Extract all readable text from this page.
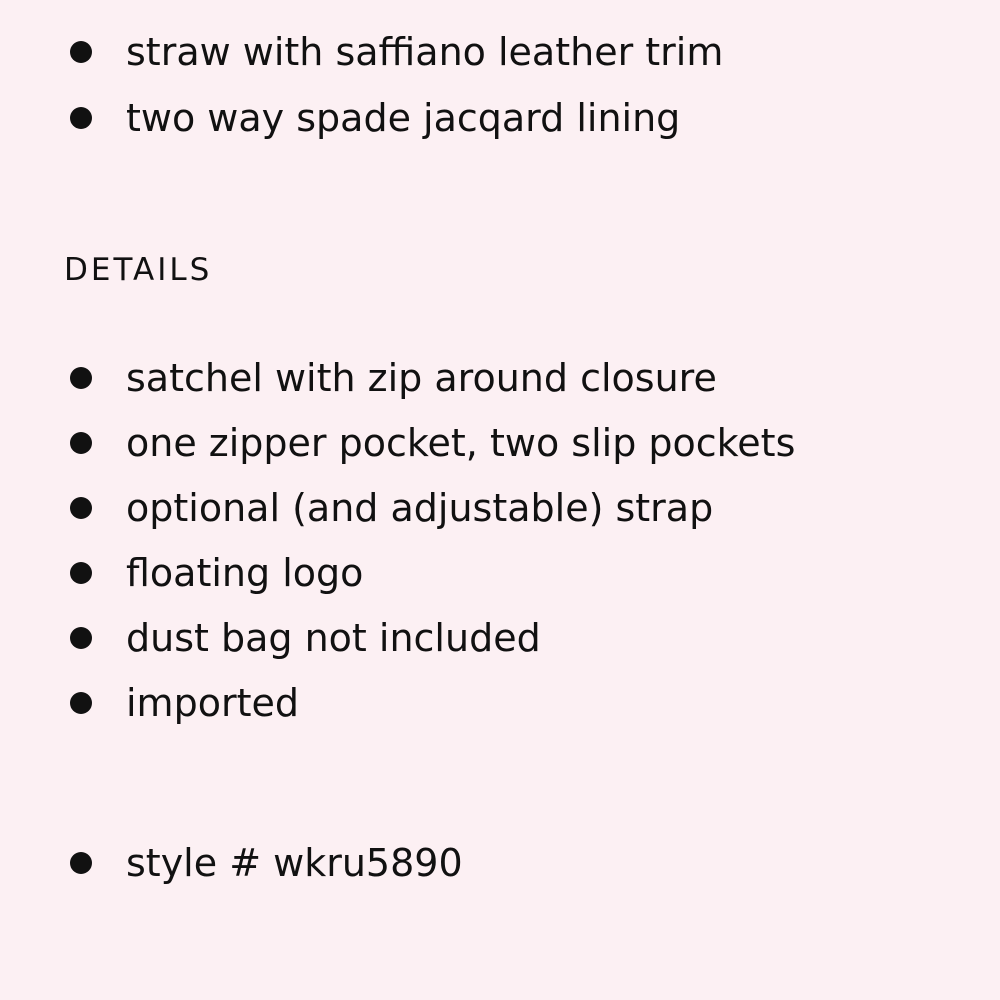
straw with saffiano leather trim
two way spade jacqard lining
DETAILS
satchel with zip around closure
one zipper pocket, two slip pockets
optional (and adjustable) strap
floating logo
dust bag not included
imported
style # wkru5890
